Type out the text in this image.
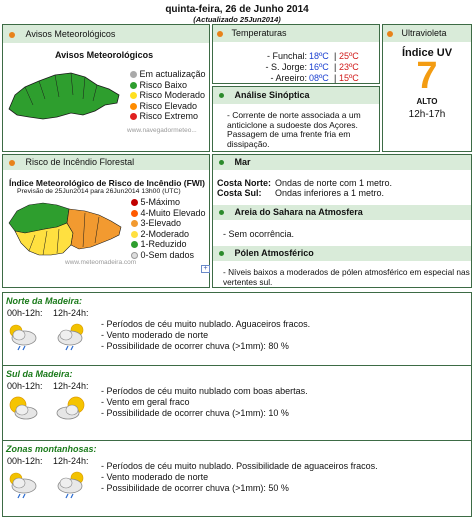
quinta-feira, 26 de Junho 2014
(Actualizado 25Jun2014)
Avisos Meteorológicos
Avisos Meteorológicos
Em actualização
Risco Baixo
Risco Moderado
Risco Elevado
Risco Extremo
www.navegadormeteo...
Temperaturas
- Funchal: 18ºC | 25ºC
- S. Jorge: 16ºC | 23ºC
- Areeiro: 08ºC | 15ºC
Análise Sinóptica
- Corrente de norte associada a um
anticiclone a sudoeste dos Açores.
Passagem de uma frente fria em
dissipação.
Ultravioleta
Índice UV
7
ALTO
12h-17h
Risco de Incêndio Florestal
Índice Meteorológico de Risco de Incêndio (FWI)
Previsão de 25Jun2014 para 26Jun2014 13h00 (UTC)
5-Máximo
4-Muito Elevado
3-Elevado
2-Moderado
1-Reduzido
0-Sem dados
www.meteomadeira.com
+
Mar
Costa Norte: Ondas de norte com 1 metro.
Costa Sul: Ondas inferiores a 1 metro.
Areia do Sahara na Atmosfera
- Sem ocorrência.
Pólen Atmosférico
- Níveis baixos a moderados de pólen atmosférico em especial nas
vertentes sul.
Norte da Madeira:
00h-12h: 12h-24h:
- Períodos de céu muito nublado. Aguaceiros fracos.
- Vento moderado de norte
- Possibilidade de ocorrer chuva (>1mm): 80 %
Sul da Madeira:
00h-12h: 12h-24h: - Períodos de céu muito nublado com boas abertas.
- Vento em geral fraco
- Possibilidade de ocorrer chuva (>1mm): 10 %
Zonas montanhosas:
00h-12h: 12h-24h: - Períodos de céu muito nublado. Possibilidade de aguaceiros fracos.
- Vento moderado de norte
- Possibilidade de ocorrer chuva (>1mm): 50 %
